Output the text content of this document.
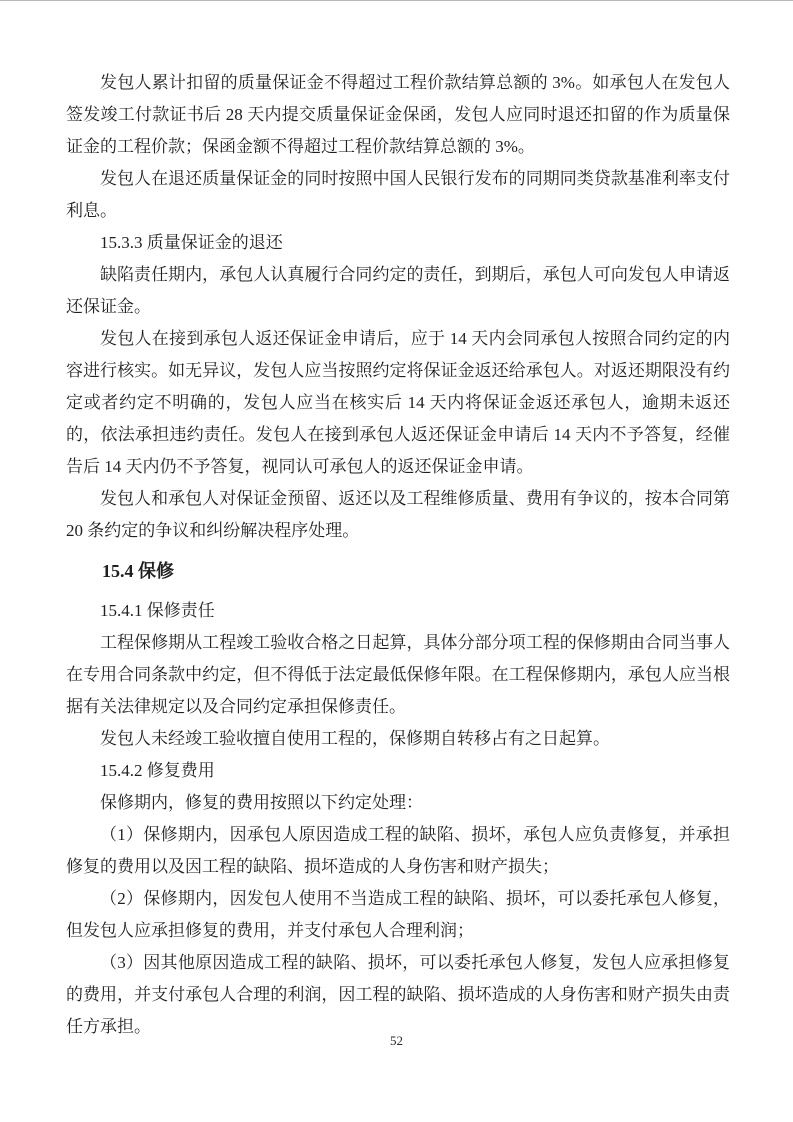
发包人累计扣留的质量保证金不得超过工程价款结算总额的 3%。如承包人在发包人签发竣工付款证书后 28 天内提交质量保证金保函，发包人应同时退还扣留的作为质量保证金的工程价款；保函金额不得超过工程价款结算总额的 3%。

发包人在退还质量保证金的同时按照中国人民银行发布的同期同类贷款基准利率支付利息。

15.3.3 质量保证金的退还

缺陷责任期内，承包人认真履行合同约定的责任，到期后，承包人可向发包人申请返还保证金。

发包人在接到承包人返还保证金申请后，应于 14 天内会同承包人按照合同约定的内容进行核实。如无异议，发包人应当按照约定将保证金返还给承包人。对返还期限没有约定或者约定不明确的，发包人应当在核实后 14 天内将保证金返还承包人，逾期未返还的，依法承担违约责任。发包人在接到承包人返还保证金申请后 14 天内不予答复，经催告后 14 天内仍不予答复，视同认可承包人的返还保证金申请。

发包人和承包人对保证金预留、返还以及工程维修质量、费用有争议的，按本合同第 20 条约定的争议和纠纷解决程序处理。

15.4 保修

15.4.1 保修责任

工程保修期从工程竣工验收合格之日起算，具体分部分项工程的保修期由合同当事人在专用合同条款中约定，但不得低于法定最低保修年限。在工程保修期内，承包人应当根据有关法律规定以及合同约定承担保修责任。

发包人未经竣工验收擅自使用工程的，保修期自转移占有之日起算。

15.4.2 修复费用

保修期内，修复的费用按照以下约定处理：

（1）保修期内，因承包人原因造成工程的缺陷、损坏，承包人应负责修复，并承担修复的费用以及因工程的缺陷、损坏造成的人身伤害和财产损失；

（2）保修期内，因发包人使用不当造成工程的缺陷、损坏，可以委托承包人修复，但发包人应承担修复的费用，并支付承包人合理利润；

（3）因其他原因造成工程的缺陷、损坏，可以委托承包人修复，发包人应承担修复的费用，并支付承包人合理的利润，因工程的缺陷、损坏造成的人身伤害和财产损失由责任方承担。

52
